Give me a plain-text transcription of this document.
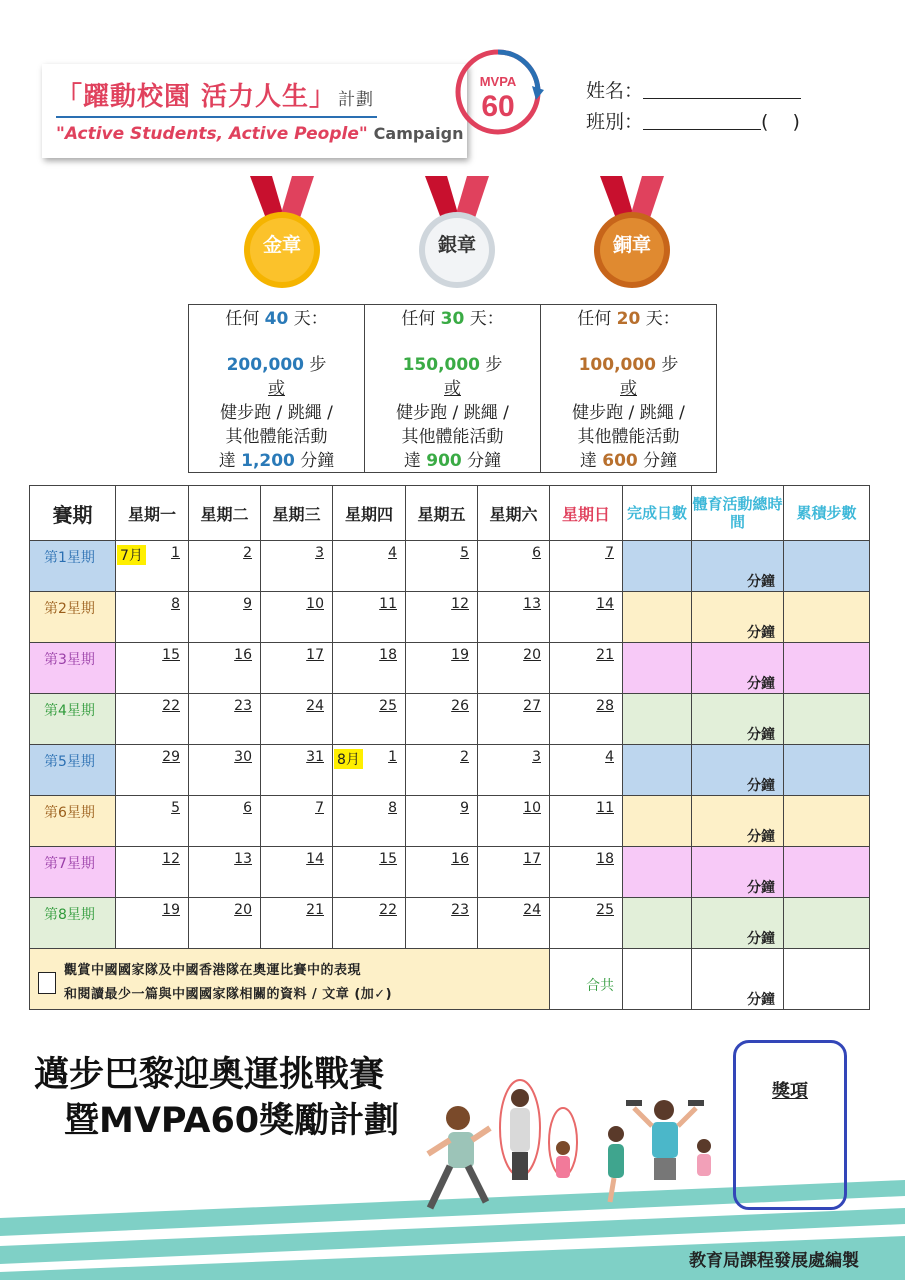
「躍動校園 活力人生」 計劃
"Active Students, Active People" Campaign
MVPA
60	姓名：
班別：	( )
金章	銀章	銅章
任何 40 天：
200,000 步
或
健步跑 / 跳繩 /
其他體能活動
達 1,200 分鐘
任何 30 天：
150,000 步
或
健步跑 / 跳繩 /
其他體能活動
達 900 分鐘
任何 20 天：
100,000 步
或
健步跑 / 跳繩 /
其他體能活動
達 600 分鐘
賽期	星期一	星期二	星期三	星期四	星期五	星期六	星期日	完成日數	體育活動總時間	累積步數
第1星期	7月 1	2	3	4	5	6	7		分鐘	
第2星期	8	9	10	11	12	13	14		分鐘	
第3星期	15	16	17	18	19	20	21		分鐘	
第4星期	22	23	24	25	26	27	28		分鐘	
第5星期	29	30	31	8月 1	2	3	4		分鐘	
第6星期	5	6	7	8	9	10	11		分鐘	
第7星期	12	13	14	15	16	17	18		分鐘	
第8星期	19	20	21	22	23	24	25		分鐘	

觀賞中國國家隊及中國香港隊在奧運比賽中的表現
和閱讀最少一篇與中國國家隊相關的資料 / 文章 (加✓)							合共		分鐘	
邁步巴黎迎奧運挑戰賽
暨MVPA60獎勵計劃
獎項
教育局課程發展處編製
